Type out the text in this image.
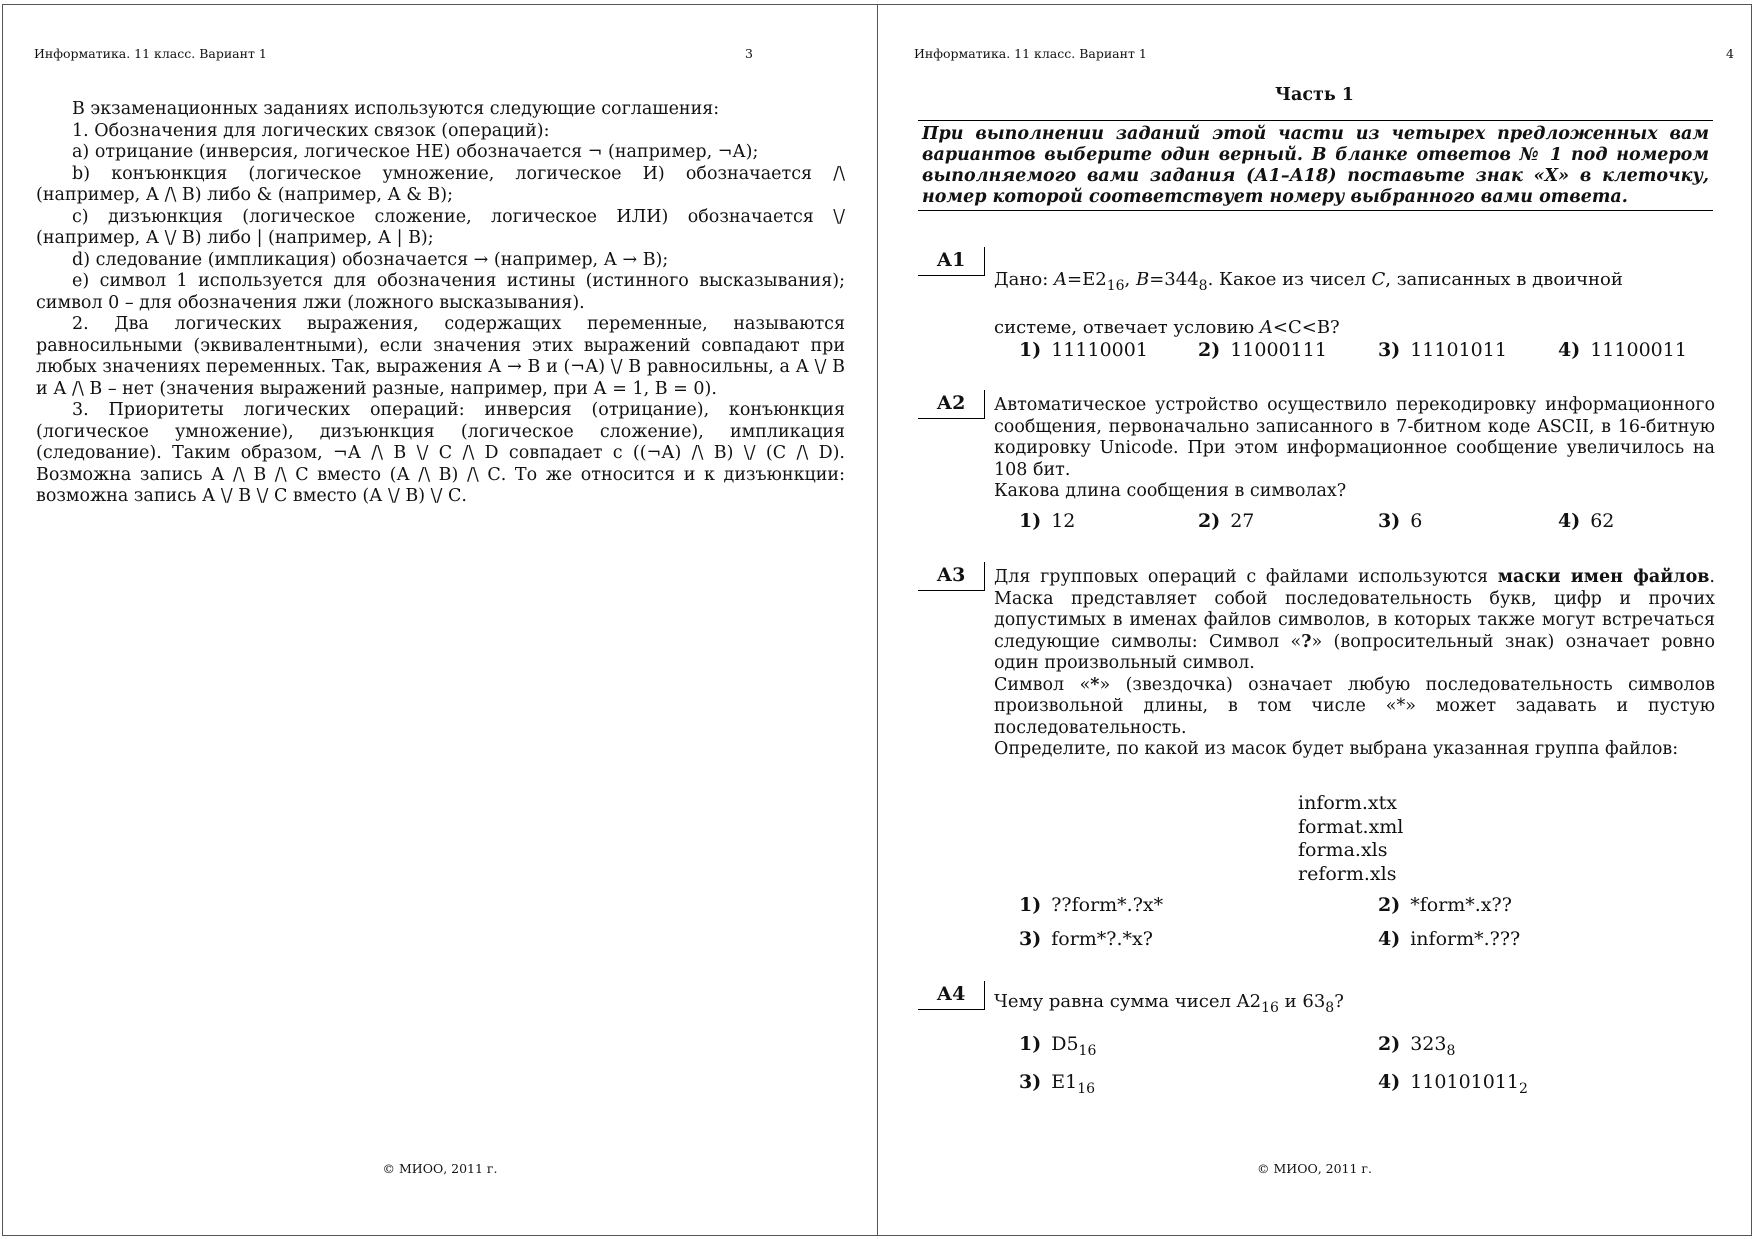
Информатика. 11 класс. Вариант 1	3

В экзаменационных заданиях используются следующие соглашения:

1. Обозначения для логических связок (операций):

a) отрицание (инверсия, логическое НЕ) обозначается ¬ (например, ¬А);

b) конъюнкция (логическое умножение, логическое И) обозначается /\ (например, А /\ В) либо & (например, А & В);

c) дизъюнкция (логическое сложение, логическое ИЛИ) обозначается \/ (например, А \/ В) либо | (например, А | В);

d) следование (импликация) обозначается → (например, А → В);

e) символ 1 используется для обозначения истины (истинного высказывания); символ 0 – для обозначения лжи (ложного высказывания).

2. Два логических выражения, содержащих переменные, называются равносильными (эквивалентными), если значения этих выражений совпадают при любых значениях переменных. Так, выражения А → В и (¬А) \/ В равносильны, а А \/ В и А /\ В – нет (значения выражений разные, например, при А = 1, В = 0).

3. Приоритеты логических операций: инверсия (отрицание), конъюнкция (логическое умножение), дизъюнкция (логическое сложение), импликация (следование). Таким образом, ¬А /\ В \/ С /\ D совпадает с ((¬А) /\ В) \/ (С /\ D). Возможна запись А /\ В /\ С вместо (А /\ В) /\ С. То же относится и к дизъюнкции: возможна запись А \/ В \/ С вместо (А \/ В) \/ С.

© МИОО, 2011 г.
Информатика. 11 класс. Вариант 1	4
Часть 1
При выполнении заданий этой части из четырех предложенных вам вариантов выберите один верный. В бланке ответов № 1 под номером выполняемого вами задания (А1–А18) поставьте знак «X» в клеточку, номер которой соответствует номеру выбранного вами ответа.
А1
Дано: $A=E2_{16}$, $B=344_8$. Какое из чисел C, записанных в двоичной
системе, отвечает условию A<C<B?
1) 11110001	2) 11000111	3) 11101011	4) 11100011
А2	Автоматическое устройство осуществило перекодировку информационного сообщения, первоначально записанного в 7-битном коде ASCII, в 16-битную кодировку Unicode. При этом информационное сообщение увеличилось на 108 бит.

Какова длина сообщения в символах?

1) 12	2) 27	3) 6	4) 62
А3	Для групповых операций с файлами используются маски имен файлов. Маска представляет собой последовательность букв, цифр и прочих допустимых в именах файлов символов, в которых также могут встречаться следующие символы: Символ «?» (вопросительный знак) означает ровно один произвольный символ.

Символ «*» (звездочка) означает любую последовательность символов произвольной длины, в том числе «*» может задавать и пустую последовательность.

Определите, по какой из масок будет выбрана указанная группа файлов:

inform.xtx
format.xml
forma.xls
reform.xls
1) ??form*.?x*	2) *form*.x??
3) form*?.*x?	4) inform*.???
А4	Чему равна сумма чисел $A2_{16}$ и $63_8$?
1) $D5_{16}$	2) $323_8$
3) $E1_{16}$	4) $110101011_2$
© МИОО, 2011 г.
